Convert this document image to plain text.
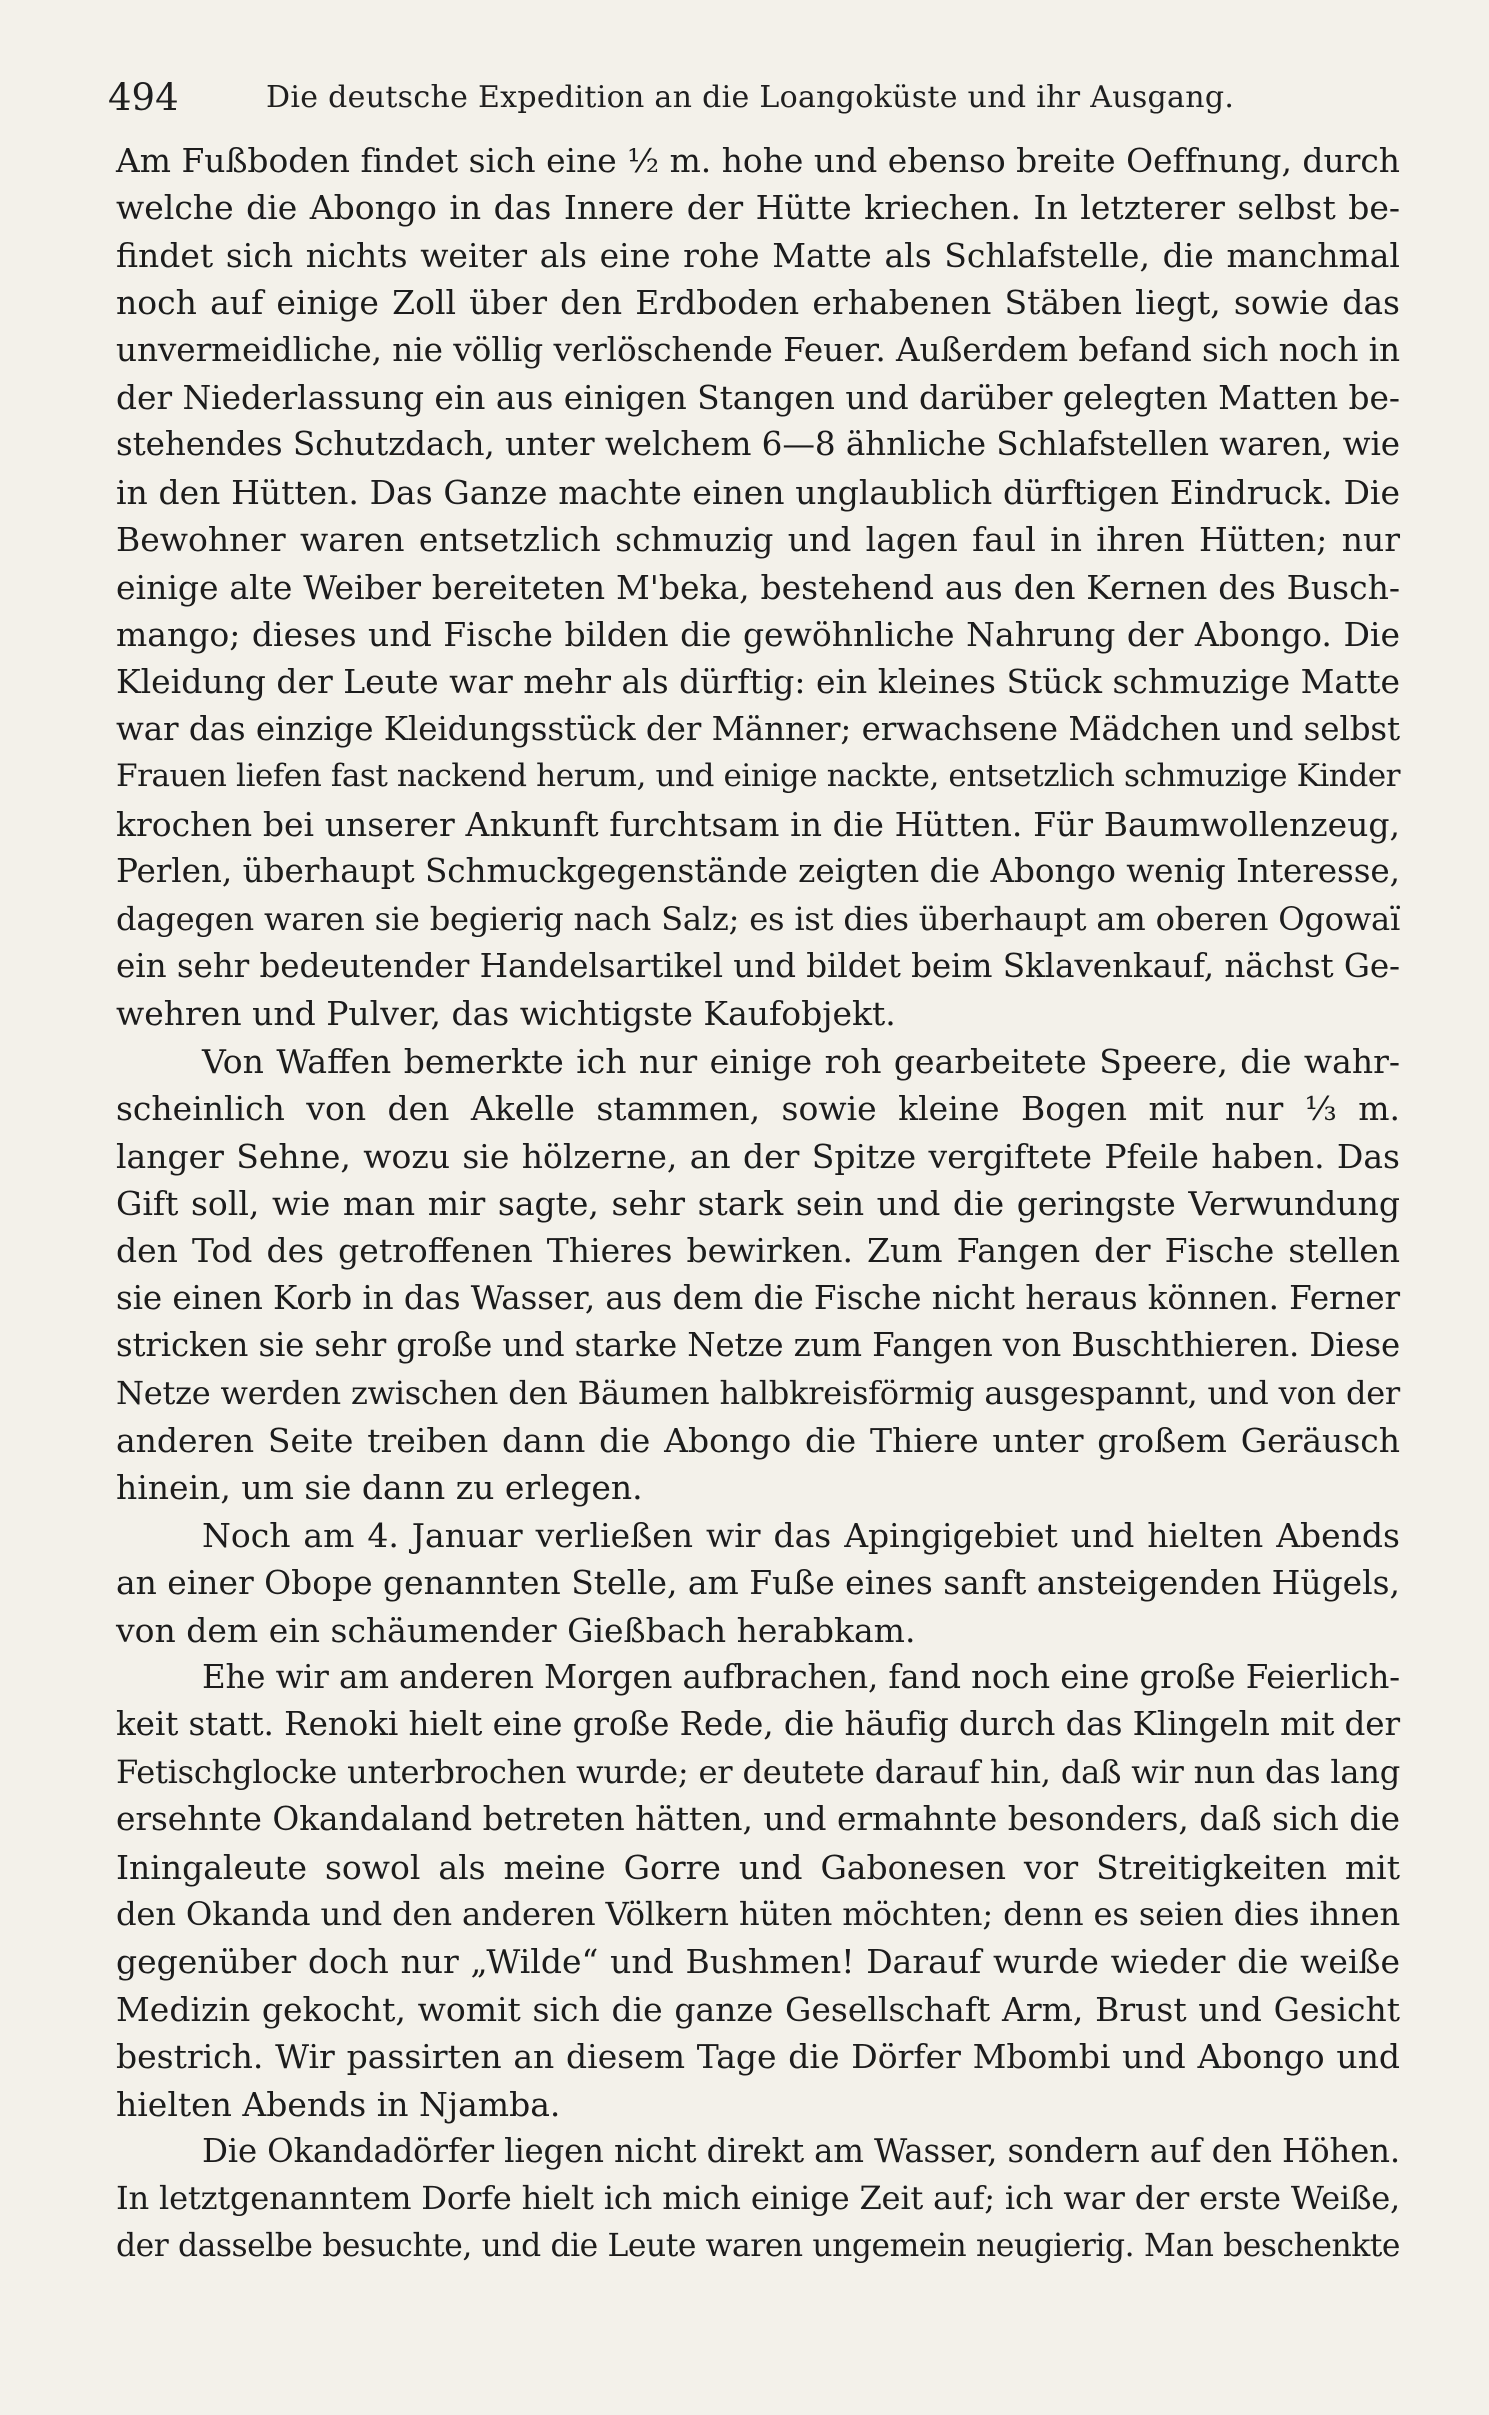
494	Die deutsche Expedition an die Loangoküste und ihr Ausgang.
Am Fußboden findet sich eine ½ m. hohe und ebenso breite Oeffnung, durch
welche die Abongo in das Innere der Hütte kriechen. In letzterer selbst be-
findet sich nichts weiter als eine rohe Matte als Schlafstelle, die manchmal
noch auf einige Zoll über den Erdboden erhabenen Stäben liegt, sowie das
unvermeidliche, nie völlig verlöschende Feuer. Außerdem befand sich noch in
der Niederlassung ein aus einigen Stangen und darüber gelegten Matten be-
stehendes Schutzdach, unter welchem 6—8 ähnliche Schlafstellen waren, wie
in den Hütten. Das Ganze machte einen unglaublich dürftigen Eindruck. Die
Bewohner waren entsetzlich schmuzig und lagen faul in ihren Hütten; nur
einige alte Weiber bereiteten M'beka, bestehend aus den Kernen des Busch-
mango; dieses und Fische bilden die gewöhnliche Nahrung der Abongo. Die
Kleidung der Leute war mehr als dürftig: ein kleines Stück schmuzige Matte
war das einzige Kleidungsstück der Männer; erwachsene Mädchen und selbst
Frauen liefen fast nackend herum, und einige nackte, entsetzlich schmuzige Kinder
krochen bei unserer Ankunft furchtsam in die Hütten. Für Baumwollenzeug,
Perlen, überhaupt Schmuckgegenstände zeigten die Abongo wenig Interesse,
dagegen waren sie begierig nach Salz; es ist dies überhaupt am oberen Ogowaï
ein sehr bedeutender Handelsartikel und bildet beim Sklavenkauf, nächst Ge-
wehren und Pulver, das wichtigste Kaufobjekt.
Von Waffen bemerkte ich nur einige roh gearbeitete Speere, die wahr-
scheinlich von den Akelle stammen, sowie kleine Bogen mit nur ⅓ m.
langer Sehne, wozu sie hölzerne, an der Spitze vergiftete Pfeile haben. Das
Gift soll, wie man mir sagte, sehr stark sein und die geringste Verwundung
den Tod des getroffenen Thieres bewirken. Zum Fangen der Fische stellen
sie einen Korb in das Wasser, aus dem die Fische nicht heraus können. Ferner
stricken sie sehr große und starke Netze zum Fangen von Buschthieren. Diese
Netze werden zwischen den Bäumen halbkreisförmig ausgespannt, und von der
anderen Seite treiben dann die Abongo die Thiere unter großem Geräusch
hinein, um sie dann zu erlegen.
Noch am 4. Januar verließen wir das Apingigebiet und hielten Abends
an einer Obope genannten Stelle, am Fuße eines sanft ansteigenden Hügels,
von dem ein schäumender Gießbach herabkam.
Ehe wir am anderen Morgen aufbrachen, fand noch eine große Feierlich-
keit statt. Renoki hielt eine große Rede, die häufig durch das Klingeln mit der
Fetischglocke unterbrochen wurde; er deutete darauf hin, daß wir nun das lang
ersehnte Okandaland betreten hätten, und ermahnte besonders, daß sich die
Iningaleute sowol als meine Gorre und Gabonesen vor Streitigkeiten mit
den Okanda und den anderen Völkern hüten möchten; denn es seien dies ihnen
gegenüber doch nur „Wilde“ und Bushmen! Darauf wurde wieder die weiße
Medizin gekocht, womit sich die ganze Gesellschaft Arm, Brust und Gesicht
bestrich. Wir passirten an diesem Tage die Dörfer Mbombi und Abongo und
hielten Abends in Njamba.
Die Okandadörfer liegen nicht direkt am Wasser, sondern auf den Höhen.
In letztgenanntem Dorfe hielt ich mich einige Zeit auf; ich war der erste Weiße,
der dasselbe besuchte, und die Leute waren ungemein neugierig. Man beschenkte
